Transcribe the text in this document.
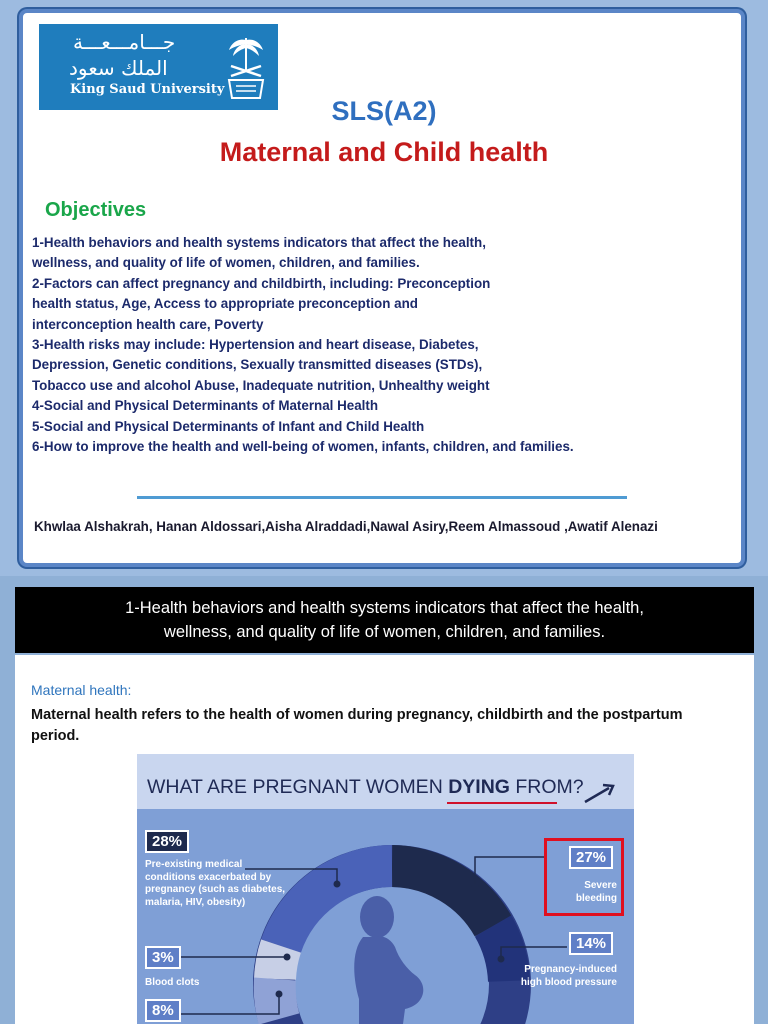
جـــامـــعـــة
الملك سعود
King Saud University
SLS(A2)
Maternal and Child health
Objectives
1-Health behaviors and health systems indicators that affect the health,
wellness, and quality of life of women, children, and families.
2-Factors can affect pregnancy and childbirth, including: Preconception
health status, Age, Access to appropriate preconception and
interconception health care, Poverty
3-Health risks may include: Hypertension and heart disease, Diabetes,
Depression, Genetic conditions, Sexually transmitted diseases (STDs),
Tobacco use and alcohol Abuse, Inadequate nutrition, Unhealthy weight
4-Social and Physical Determinants of Maternal Health
5-Social and Physical Determinants of Infant and Child Health
6-How to improve the health and well-being of women, infants, children, and families.
Khwlaa Alshakrah, Hanan Aldossari,Aisha Alraddadi,Nawal Asiry,Reem Almassoud ,Awatif Alenazi
1-Health behaviors and health systems indicators that affect the health,
wellness, and quality of life of women, children, and families.
Maternal health:
Maternal health refers to the health of women during pregnancy, childbirth and the postpartum period.
WHAT ARE PREGNANT WOMEN DYING FROM?
28%
Pre-existing medical conditions exacerbated by pregnancy (such as diabetes, malaria, HIV, obesity)
27%
Severe bleeding
14%
Pregnancy-induced high blood pressure
3%
Blood clots
8%
